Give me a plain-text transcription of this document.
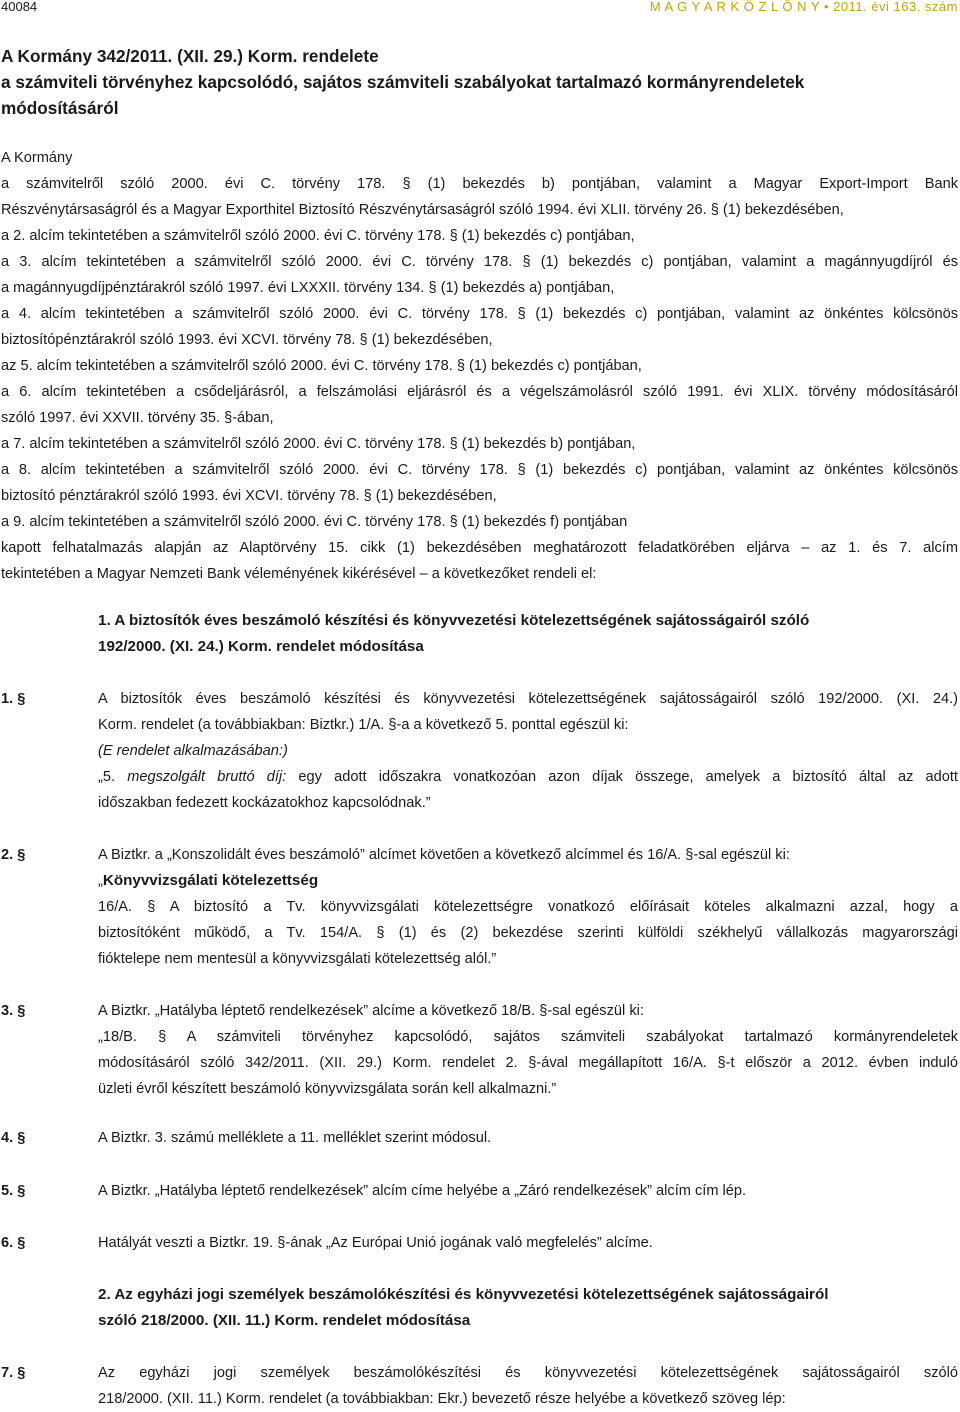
40084	M A G Y A R K Ö Z L Ö N Y • 2011. évi 163. szám
A Kormány 342/2011. (XII. 29.) Korm. rendelete
a számviteli törvényhez kapcsolódó, sajátos számviteli szabályokat tartalmazó kormányrendeletek
módosításáról
A Kormány
a számvitelről szóló 2000. évi C. törvény 178. § (1) bekezdés b) pontjában, valamint a Magyar Export-Import Bank
Részvénytársaságról és a Magyar Exporthitel Biztosító Részvénytársaságról szóló 1994. évi XLII. törvény 26. § (1) bekezdésében,
a 2. alcím tekintetében a számvitelről szóló 2000. évi C. törvény 178. § (1) bekezdés c) pontjában,
a 3. alcím tekintetében a számvitelről szóló 2000. évi C. törvény 178. § (1) bekezdés c) pontjában, valamint a magánnyugdíjról és
a magánnyugdíjpénztárakról szóló 1997. évi LXXXII. törvény 134. § (1) bekezdés a) pontjában,
a 4. alcím tekintetében a számvitelről szóló 2000. évi C. törvény 178. § (1) bekezdés c) pontjában, valamint az önkéntes kölcsönös
biztosítópénztárakról szóló 1993. évi XCVI. törvény 78. § (1) bekezdésében,
az 5. alcím tekintetében a számvitelről szóló 2000. évi C. törvény 178. § (1) bekezdés c) pontjában,
a 6. alcím tekintetében a csődeljárásról, a felszámolási eljárásról és a végelszámolásról szóló 1991. évi XLIX. törvény módosításáról
szóló 1997. évi XXVII. törvény 35. §-ában,
a 7. alcím tekintetében a számvitelről szóló 2000. évi C. törvény 178. § (1) bekezdés b) pontjában,
a 8. alcím tekintetében a számvitelről szóló 2000. évi C. törvény 178. § (1) bekezdés c) pontjában, valamint az önkéntes kölcsönös
biztosító pénztárakról szóló 1993. évi XCVI. törvény 78. § (1) bekezdésében,
a 9. alcím tekintetében a számvitelről szóló 2000. évi C. törvény 178. § (1) bekezdés f) pontjában
kapott felhatalmazás alapján az Alaptörvény 15. cikk (1) bekezdésében meghatározott feladatkörében eljárva – az 1. és 7. alcím
tekintetében a Magyar Nemzeti Bank véleményének kikérésével – a következőket rendeli el:
1. A biztosítók éves beszámoló készítési és könyvvezetési kötelezettségének sajátosságairól szóló
192/2000. (XI. 24.) Korm. rendelet módosítása
1. §	A biztosítók éves beszámoló készítési és könyvvezetési kötelezettségének sajátosságairól szóló 192/2000. (XI. 24.)
Korm. rendelet (a továbbiakban: Biztkr.) 1/A. §-a a következő 5. ponttal egészül ki:
(E rendelet alkalmazásában:)
„5. megszolgált bruttó díj: egy adott időszakra vonatkozóan azon díjak összege, amelyek a biztosító által az adott
időszakban fedezett kockázatokhoz kapcsolódnak.”
2. §	A Biztkr. a „Konszolidált éves beszámoló” alcímet követően a következő alcímmel és 16/A. §-sal egészül ki:
„Könyvvizsgálati kötelezettség
16/A. § A biztosító a Tv. könyvvizsgálati kötelezettségre vonatkozó előírásait köteles alkalmazni azzal, hogy a
biztosítóként működő, a Tv. 154/A. § (1) és (2) bekezdése szerinti külföldi székhelyű vállalkozás magyarországi
fióktelepe nem mentesül a könyvvizsgálati kötelezettség alól.”
3. §	A Biztkr. „Hatályba léptető rendelkezések” alcíme a következő 18/B. §-sal egészül ki:
„18/B. § A számviteli törvényhez kapcsolódó, sajátos számviteli szabályokat tartalmazó kormányrendeletek
módosításáról szóló 342/2011. (XII. 29.) Korm. rendelet 2. §-ával megállapított 16/A. §-t először a 2012. évben induló
üzleti évről készített beszámoló könyvvizsgálata során kell alkalmazni.”
4. §	A Biztkr. 3. számú melléklete a 11. melléklet szerint módosul.
5. §	A Biztkr. „Hatályba léptető rendelkezések” alcím címe helyébe a „Záró rendelkezések” alcím cím lép.
6. §	Hatályát veszti a Biztkr. 19. §-ának „Az Európai Unió jogának való megfelelés” alcíme.
2. Az egyházi jogi személyek beszámolókészítési és könyvvezetési kötelezettségének sajátosságairól
szóló 218/2000. (XII. 11.) Korm. rendelet módosítása
7. §	Az egyházi jogi személyek beszámolókészítési és könyvvezetési kötelezettségének sajátosságairól szóló
218/2000. (XII. 11.) Korm. rendelet (a továbbiakban: Ekr.) bevezető része helyébe a következő szöveg lép:
